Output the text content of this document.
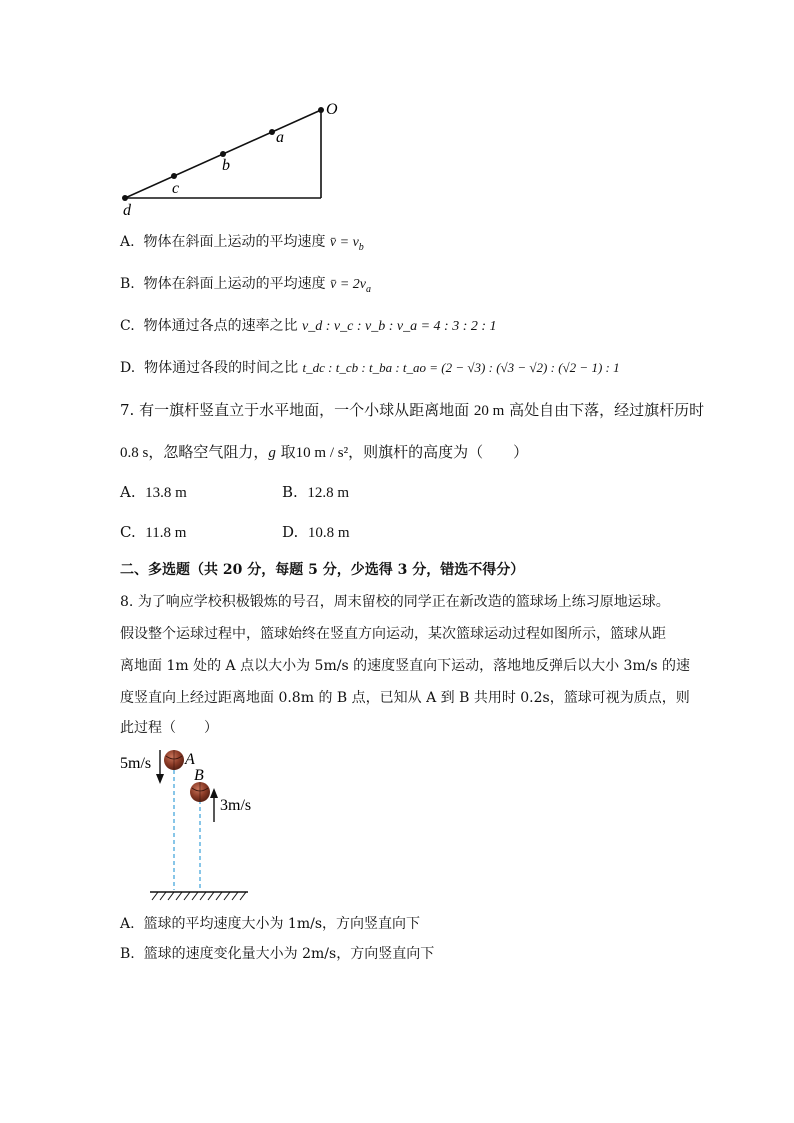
O
a
b
c
d
A. 物体在斜面上运动的平均速度 v̄ = $v_b$
B. 物体在斜面上运动的平均速度 v̄ = $2v_a$
C. 物体通过各点的速率之比 v_d : v_c : v_b : v_a = 4 : 3 : 2 : 1
D. 物体通过各段的时间之比 t_dc : t_cb : t_ba : t_ao = (2 − √3) : (√3 − √2) : (√2 − 1) : 1
7. 有一旗杆竖直立于水平地面，一个小球从距离地面 20 m 高处自由下落，经过旗杆历时
0.8 s，忽略空气阻力，g 取10 m / s²，则旗杆的高度为（　　）
A. 13.8 m	B. 12.8 m
C. 11.8 m	D. 10.8 m
二、多选题（共 20 分，每题 5 分，少选得 3 分，错选不得分）
8. 为了响应学校积极锻炼的号召，周末留校的同学正在新改造的篮球场上练习原地运球。
假设整个运球过程中，篮球始终在竖直方向运动，某次篮球运动过程如图所示，篮球从距
离地面 1m 处的 A 点以大小为 5m/s 的速度竖直向下运动，落地地反弹后以大小 3m/s 的速
度竖直向上经过距离地面 0.8m 的 B 点，已知从 A 到 B 共用时 0.2s，篮球可视为质点，则
此过程（　　）
5m/s A
B
3m/s
A. 篮球的平均速度大小为 1m/s，方向竖直向下
B. 篮球的速度变化量大小为 2m/s，方向竖直向下
